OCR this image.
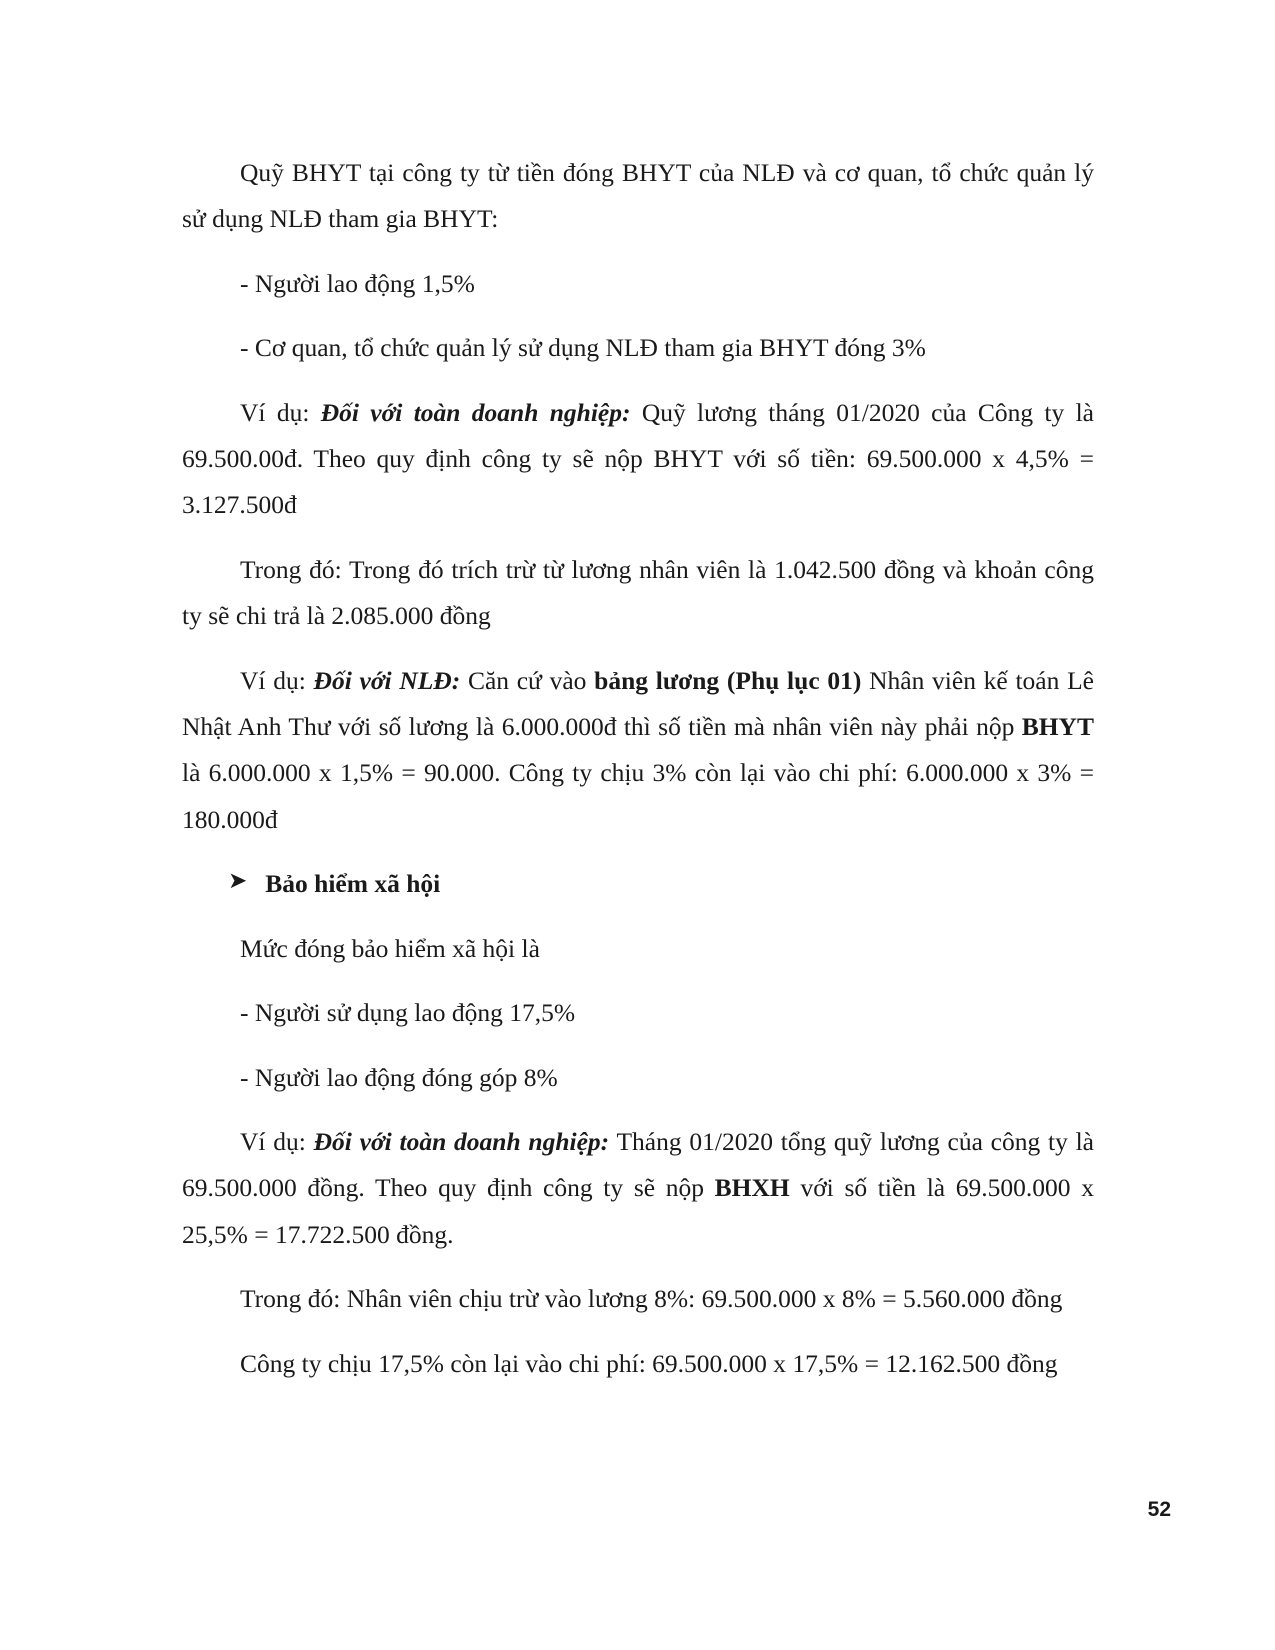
Quỹ BHYT tại công ty từ tiền đóng BHYT của NLĐ và cơ quan, tổ chức quản lý sử dụng NLĐ tham gia BHYT:

- Người lao động 1,5%

- Cơ quan, tổ chức quản lý sử dụng NLĐ tham gia BHYT đóng 3%

Ví dụ: Đối với toàn doanh nghiệp: Quỹ lương tháng 01/2020 của Công ty là 69.500.00đ. Theo quy định công ty sẽ nộp BHYT với số tiền: 69.500.000 x 4,5% = 3.127.500đ

Trong đó: Trong đó trích trừ từ lương nhân viên là 1.042.500 đồng và khoản công ty sẽ chi trả là 2.085.000 đồng

Ví dụ: Đối với NLĐ: Căn cứ vào bảng lương (Phụ lục 01) Nhân viên kế toán Lê Nhật Anh Thư với số lương là 6.000.000đ thì số tiền mà nhân viên này phải nộp BHYT là 6.000.000 x 1,5% = 90.000. Công ty chịu 3% còn lại vào chi phí: 6.000.000 x 3% = 180.000đ

➤ Bảo hiểm xã hội

Mức đóng bảo hiểm xã hội là

- Người sử dụng lao động 17,5%

- Người lao động đóng góp 8%

Ví dụ: Đối với toàn doanh nghiệp: Tháng 01/2020 tổng quỹ lương của công ty là 69.500.000 đồng. Theo quy định công ty sẽ nộp BHXH với số tiền là 69.500.000 x 25,5% = 17.722.500 đồng.

Trong đó: Nhân viên chịu trừ vào lương 8%: 69.500.000 x 8% = 5.560.000 đồng

Công ty chịu 17,5% còn lại vào chi phí: 69.500.000 x 17,5% = 12.162.500 đồng

52
